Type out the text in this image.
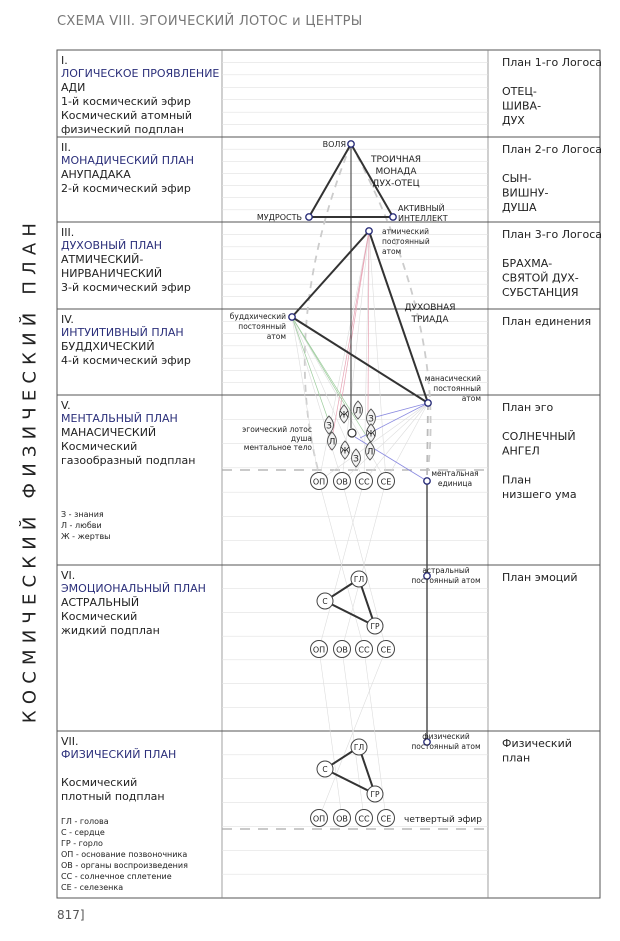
СХЕМА VIII. ЭГОИЧЕСКИЙ ЛОТОС и ЦЕНТРЫ
КОСМИЧЕСКИЙ ФИЗИЧЕСКИЙ ПЛАН
817]
Ж Л
З
З
Ж
Л
Ж Л
З
ОП ОВ СС СЕ
ОП ОВ СС СЕ
ОП ОВ СС СЕ
ГЛ
С
ГР
ГЛ
С
ГР
I.
ЛОГИЧЕСКОЕ ПРОЯВЛЕНИЕ
АДИ
1-й космический эфир
Космический атомный
физический подплан
План 1-го Логоса
ОТЕЦ-
ШИВА-
ДУХ
II.
МОНАДИЧЕСКИЙ ПЛАН
АНУПАДАКА
2-й космический эфир
План 2-го Логоса
СЫН-
ВИШНУ-
ДУША
III.
ДУХОВНЫЙ ПЛАН
АТМИЧЕСКИЙ-
НИРВАНИЧЕСКИЙ
3-й космический эфир
План 3-го Логоса
БРАХМА-
СВЯТОЙ ДУХ-
СУБСТАНЦИЯ
IV.
ИНТУИТИВНЫЙ ПЛАН
БУДДХИЧЕСКИЙ
4-й космический эфир
План единения
V.
МЕНТАЛЬНЫЙ ПЛАН
МАНАСИЧЕСКИЙ
Космический
газообразный подплан
План эго
СОЛНЕЧНЫЙ
АНГЕЛ
План
низшего ума
VI.
ЭМОЦИОНАЛЬНЫЙ ПЛАН
АСТРАЛЬНЫЙ
Космический
жидкий подплан
План эмоций
VII.
ФИЗИЧЕСКИЙ ПЛАН
Космический
плотный подплан
Физический
план
З - знания
Л - любви
Ж - жертвы
ГЛ - голова
С - сердце
ГР - горло
ОП - основание позвоночника
ОВ - органы воспроизведения
СС - солнечное сплетение
СЕ - селезенка
ВОЛЯ
ТРОИЧНАЯ
МОНАДА
ДУХ-ОТЕЦ
МУДРОСТЬ
АКТИВНЫЙ
ИНТЕЛЛЕКТ
атмический
постоянный
атом
буддхический
постоянный
атом
ДУХОВНАЯ
ТРИАДА
манасический
постоянный
атом
эгоический лотос
душа
ментальное тело
ментальная
единица
астральный
постоянный атом
физический
постоянный атом
четвертый эфир
